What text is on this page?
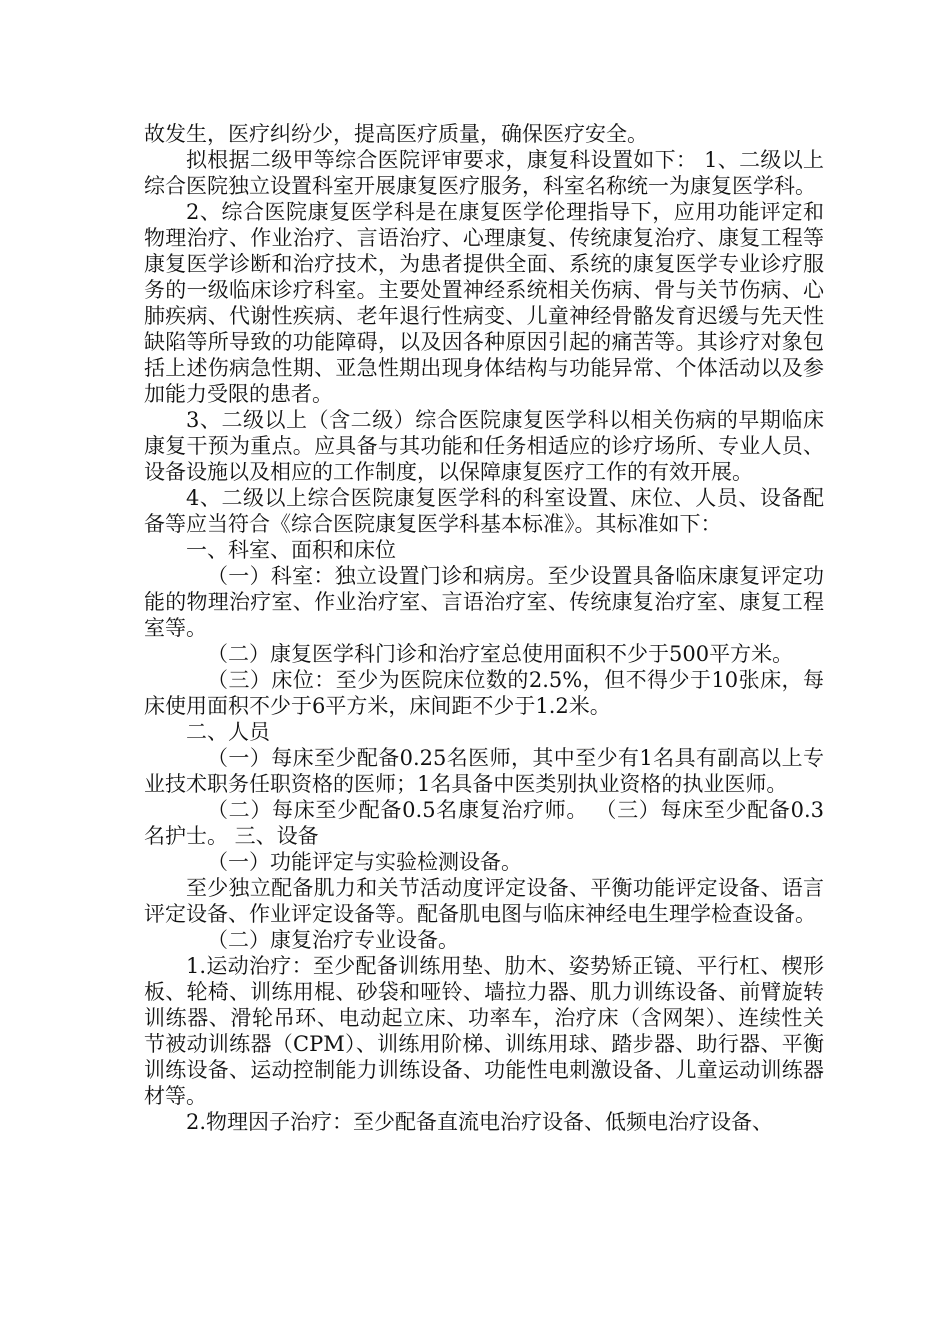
故发生，医疗纠纷少，提高医疗质量，确保医疗安全。

拟根据二级甲等综合医院评审要求，康复科设置如下： 1、二级以上综合医院独立设置科室开展康复医疗服务，科室名称统一为康复医学科。

2、综合医院康复医学科是在康复医学伦理指导下，应用功能评定和物理治疗、作业治疗、言语治疗、心理康复、传统康复治疗、康复工程等康复医学诊断和治疗技术，为患者提供全面、系统的康复医学专业诊疗服务的一级临床诊疗科室。主要处置神经系统相关伤病、骨与关节伤病、心肺疾病、代谢性疾病、老年退行性病变、儿童神经骨骼发育迟缓与先天性缺陷等所导致的功能障碍，以及因各种原因引起的痛苦等。其诊疗对象包括上述伤病急性期、亚急性期出现身体结构与功能异常、个体活动以及参加能力受限的患者。

3、二级以上（含二级）综合医院康复医学科以相关伤病的早期临床康复干预为重点。应具备与其功能和任务相适应的诊疗场所、专业人员、设备设施以及相应的工作制度，以保障康复医疗工作的有效开展。

4、二级以上综合医院康复医学科的科室设置、床位、人员、设备配备等应当符合《综合医院康复医学科基本标准》。其标准如下：

一、科室、面积和床位

（一）科室：独立设置门诊和病房。至少设置具备临床康复评定功能的物理治疗室、作业治疗室、言语治疗室、传统康复治疗室、康复工程室等。

（二）康复医学科门诊和治疗室总使用面积不少于500平方米。

（三）床位：至少为医院床位数的2.5%，但不得少于10张床，每床使用面积不少于6平方米，床间距不少于1.2米。

二、人员

（一）每床至少配备0.25名医师，其中至少有1名具有副高以上专业技术职务任职资格的医师；1名具备中医类别执业资格的执业医师。

（二）每床至少配备0.5名康复治疗师。 （三）每床至少配备0.3名护士。 三、设备

（一）功能评定与实验检测设备。

至少独立配备肌力和关节活动度评定设备、平衡功能评定设备、语言评定设备、作业评定设备等。配备肌电图与临床神经电生理学检查设备。

（二）康复治疗专业设备。

1.运动治疗：至少配备训练用垫、肋木、姿势矫正镜、平行杠、楔形板、轮椅、训练用棍、砂袋和哑铃、墙拉力器、肌力训练设备、前臂旋转训练器、滑轮吊环、电动起立床、功率车，治疗床（含网架）、连续性关节被动训练器（CPM）、训练用阶梯、训练用球、踏步器、助行器、平衡训练设备、运动控制能力训练设备、功能性电刺激设备、儿童运动训练器材等。

2.物理因子治疗：至少配备直流电治疗设备、低频电治疗设备、
